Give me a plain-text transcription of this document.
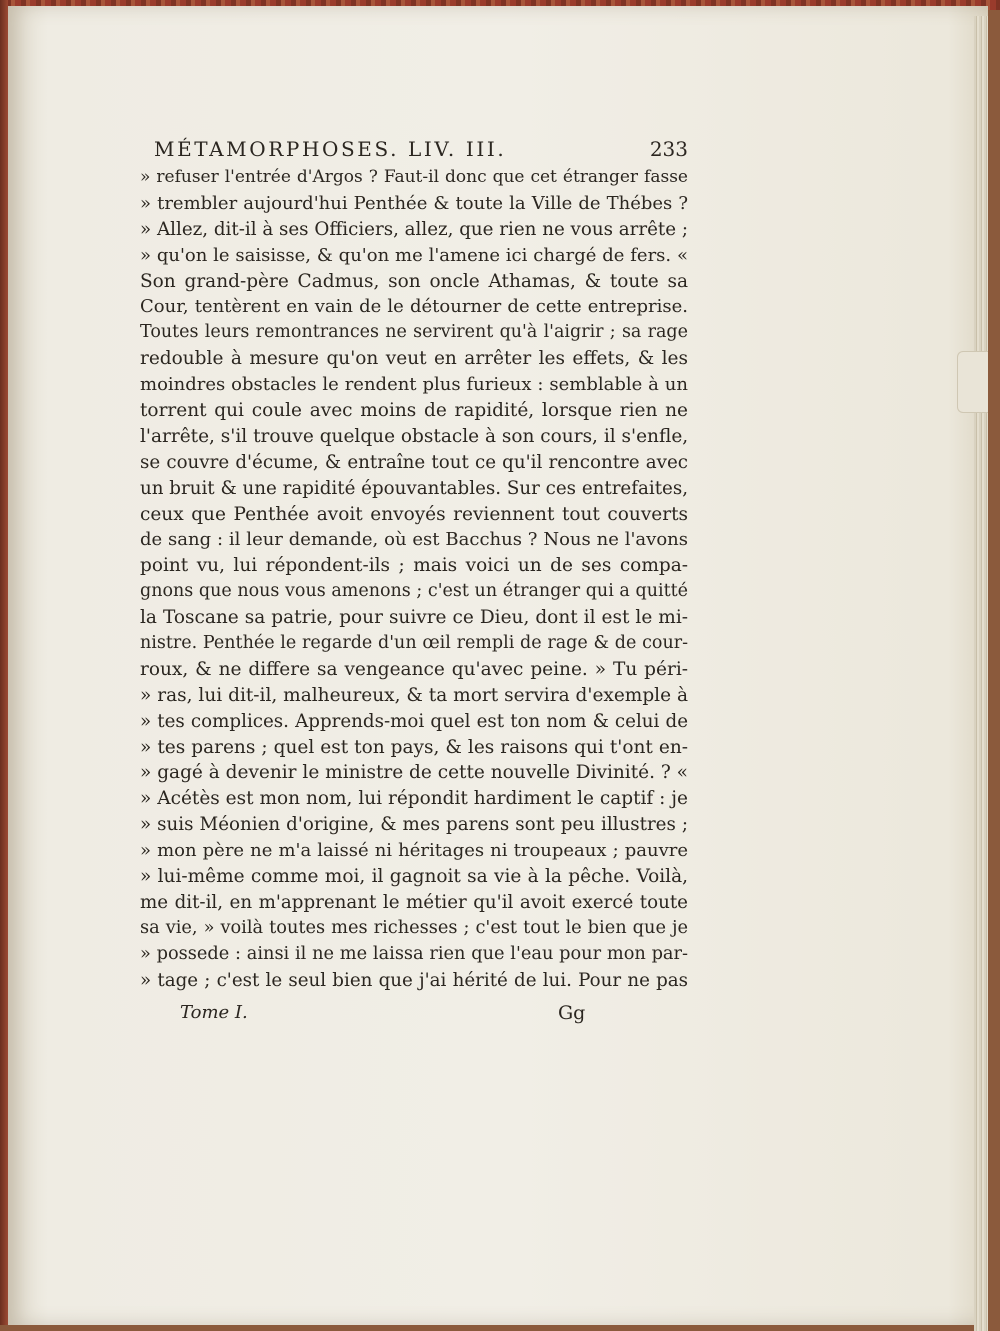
MÉTAMORPHOSES. LIV. III.	233
» refuser l'entrée d'Argos ? Faut-il donc que cet étranger fasse
» trembler aujourd'hui Penthée & toute la Ville de Thébes ?
» Allez, dit-il à ses Officiers, allez, que rien ne vous arrête ;
» qu'on le saisisse, & qu'on me l'amene ici chargé de fers. «
Son grand-père Cadmus, son oncle Athamas, & toute sa
Cour, tentèrent en vain de le détourner de cette entreprise.
Toutes leurs remontrances ne servirent qu'à l'aigrir ; sa rage
redouble à mesure qu'on veut en arrêter les effets, & les
moindres obstacles le rendent plus furieux : semblable à un
torrent qui coule avec moins de rapidité, lorsque rien ne
l'arrête, s'il trouve quelque obstacle à son cours, il s'enfle,
se couvre d'écume, & entraîne tout ce qu'il rencontre avec
un bruit & une rapidité épouvantables. Sur ces entrefaites,
ceux que Penthée avoit envoyés reviennent tout couverts
de sang : il leur demande, où est Bacchus ? Nous ne l'avons
point vu, lui répondent-ils ; mais voici un de ses compa-
gnons que nous vous amenons ; c'est un étranger qui a quitté
la Toscane sa patrie, pour suivre ce Dieu, dont il est le mi-
nistre. Penthée le regarde d'un œil rempli de rage & de cour-
roux, & ne differe sa vengeance qu'avec peine. » Tu péri-
» ras, lui dit-il, malheureux, & ta mort servira d'exemple à
» tes complices. Apprends-moi quel est ton nom & celui de
» tes parens ; quel est ton pays, & les raisons qui t'ont en-
» gagé à devenir le ministre de cette nouvelle Divinité. ? «
» Acétès est mon nom, lui répondit hardiment le captif : je
» suis Méonien d'origine, & mes parens sont peu illustres ;
» mon père ne m'a laissé ni héritages ni troupeaux ; pauvre
» lui-même comme moi, il gagnoit sa vie à la pêche. Voilà,
me dit-il, en m'apprenant le métier qu'il avoit exercé toute
sa vie, » voilà toutes mes richesses ; c'est tout le bien que je
» possede : ainsi il ne me laissa rien que l'eau pour mon par-
» tage ; c'est le seul bien que j'ai hérité de lui. Pour ne pas
Tome I.	Gg
